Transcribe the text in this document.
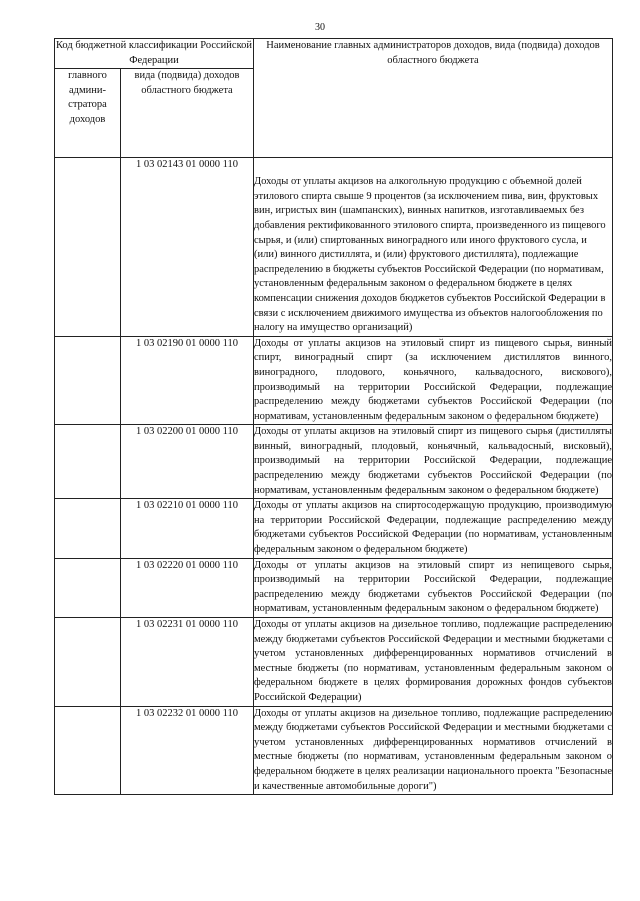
30
Код бюджетной классификации Российской Федерации		Наименование главных администраторов доходов, вида (подвида) доходов областного бюджета
главного админи-стратора доходов	вида (подвида) доходов областного бюджета	
	1 03 02143 01 0000 110	Доходы от уплаты акцизов на алкогольную продукцию с объемной долей этилового спирта свыше 9 процентов (за исключением пива, вин, фруктовых вин, игристых вин (шампанских), винных напитков, изготавливаемых без добавления ректификованного этилового спирта, произведенного из пищевого сырья, и (или) спиртованных виноградного или иного фруктового сусла, и (или) винного дистиллята, и (или) фруктового дистиллята), подлежащие распределению в бюджеты субъектов Российской Федерации (по нормативам, установленным федеральным законом о федеральном бюджете в целях компенсации снижения доходов бюджетов субъектов Российской Федерации в связи с исключением движимого имущества из объектов налогообложения по налогу на имущество организаций)
	1 03 02190 01 0000 110	Доходы от уплаты акцизов на этиловый спирт из пищевого сырья, винный спирт, виноградный спирт (за исключением дистиллятов винного, виноградного, плодового, коньячного, кальвадосного, вискового), производимый на территории Российской Федерации, подлежащие распределению между бюджетами субъектов Российской Федерации (по нормативам, установленным федеральным законом о федеральном бюджете)
	1 03 02200 01 0000 110	Доходы от уплаты акцизов на этиловый спирт из пищевого сырья (дистилляты винный, виноградный, плодовый, коньячный, кальвадосный, висковый), производимый на территории Российской Федерации, подлежащие распределению между бюджетами субъектов Российской Федерации (по нормативам, установленным федеральным законом о федеральном бюджете)
	1 03 02210 01 0000 110	Доходы от уплаты акцизов на спиртосодержащую продукцию, производимую на территории Российской Федерации, подлежащие распределению между бюджетами субъектов Российской Федерации (по нормативам, установленным федеральным законом о федеральном бюджете)
	1 03 02220 01 0000 110	Доходы от уплаты акцизов на этиловый спирт из непищевого сырья, производимый на территории Российской Федерации, подлежащие распределению между бюджетами субъектов Российской Федерации (по нормативам, установленным федеральным законом о федеральном бюджете)
	1 03 02231 01 0000 110	Доходы от уплаты акцизов на дизельное топливо, подлежащие распределению между бюджетами субъектов Российской Федерации и местными бюджетами с учетом установленных дифференцированных нормативов отчислений в местные бюджеты (по нормативам, установленным федеральным законом о федеральном бюджете в целях формирования дорожных фондов субъектов Российской Федерации)
	1 03 02232 01 0000 110	Доходы от уплаты акцизов на дизельное топливо, подлежащие распределению между бюджетами субъектов Российской Федерации и местными бюджетами с учетом установленных дифференцированных нормативов отчислений в местные бюджеты (по нормативам, установленным федеральным законом о федеральном бюджете в целях реализации национального проекта "Безопасные и качественные автомобильные дороги")
